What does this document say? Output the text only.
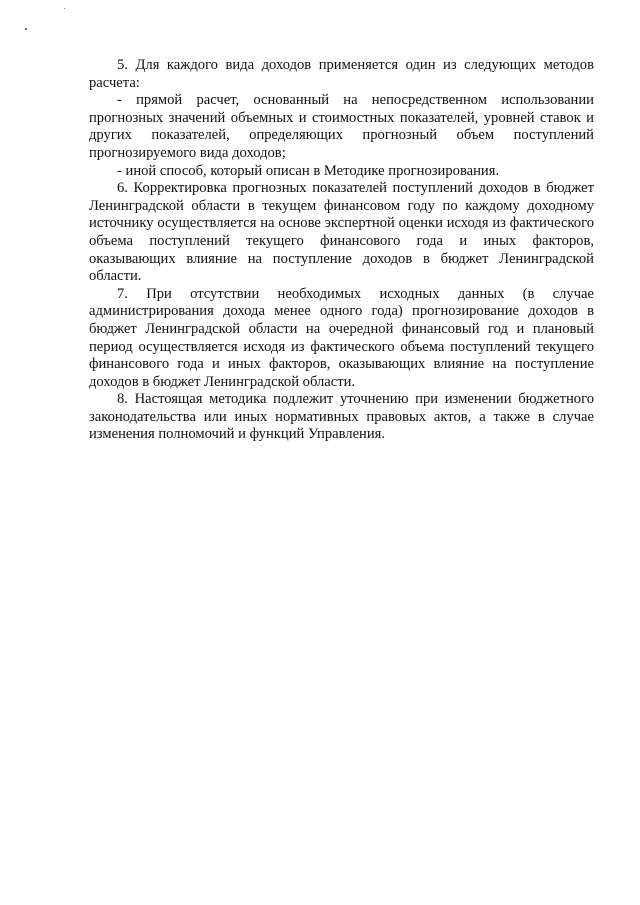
5. Для каждого вида доходов применяется один из следующих методов расчета:

- прямой расчет, основанный на непосредственном использовании прогнозных значений объемных и стоимостных показателей, уровней ставок и других показателей, определяющих прогнозный объем поступлений прогнозируемого вида доходов;

- иной способ, который описан в Методике прогнозирования.

6. Корректировка прогнозных показателей поступлений доходов в бюджет Ленинградской области в текущем финансовом году по каждому доходному источнику осуществляется на основе экспертной оценки исходя из фактического объема поступлений текущего финансового года и иных факторов, оказывающих влияние на поступление доходов в бюджет Ленинградской области.

7. При отсутствии необходимых исходных данных (в случае администрирования дохода менее одного года) прогнозирование доходов в бюджет Ленинградской области на очередной финансовый год и плановый период осуществляется исходя из фактического объема поступлений текущего финансового года и иных факторов, оказывающих влияние на поступление доходов в бюджет Ленинградской области.

8. Настоящая методика подлежит уточнению при изменении бюджетного законодательства или иных нормативных правовых актов, а также в случае изменения полномочий и функций Управления.
